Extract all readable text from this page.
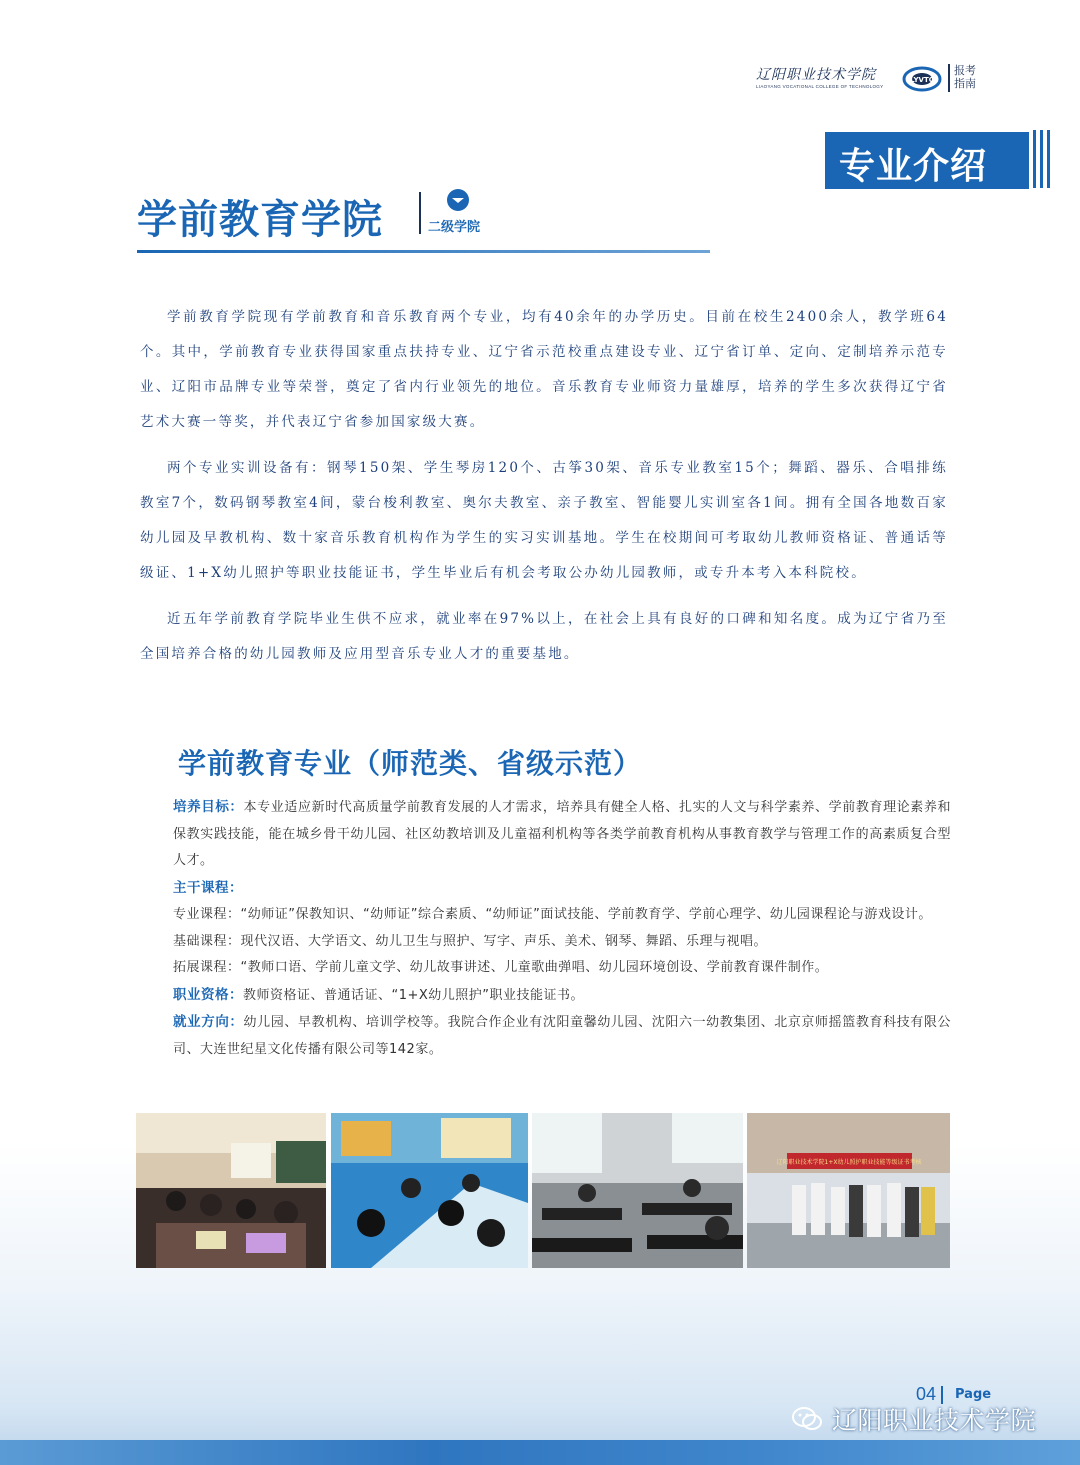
辽阳职业技术学院
LIAOYANG VOCATIONAL COLLEGE OF TECHNOLOGY
LYVTC
报考指南
专业介绍
学前教育学院	二级学院

学前教育学院现有学前教育和音乐教育两个专业，均有40余年的办学历史。目前在校生2400余人，教学班64个。其中，学前教育专业获得国家重点扶持专业、辽宁省示范校重点建设专业、辽宁省订单、定向、定制培养示范专业、辽阳市品牌专业等荣誉，奠定了省内行业领先的地位。音乐教育专业师资力量雄厚，培养的学生多次获得辽宁省艺术大赛一等奖，并代表辽宁省参加国家级大赛。

两个专业实训设备有：钢琴150架、学生琴房120个、古筝30架、音乐专业教室15个；舞蹈、器乐、合唱排练教室7个，数码钢琴教室4间，蒙台梭利教室、奥尔夫教室、亲子教室、智能婴儿实训室各1间。拥有全国各地数百家幼儿园及早教机构、数十家音乐教育机构作为学生的实习实训基地。学生在校期间可考取幼儿教师资格证、普通话等级证、1+X幼儿照护等职业技能证书，学生毕业后有机会考取公办幼儿园教师，或专升本考入本科院校。

近五年学前教育学院毕业生供不应求，就业率在97%以上，在社会上具有良好的口碑和知名度。成为辽宁省乃至全国培养合格的幼儿园教师及应用型音乐专业人才的重要基地。

学前教育专业（师范类、省级示范）

培养目标：本专业适应新时代高质量学前教育发展的人才需求，培养具有健全人格、扎实的人文与科学素养、学前教育理论素养和保教实践技能，能在城乡骨干幼儿园、社区幼教培训及儿童福利机构等各类学前教育机构从事教育教学与管理工作的高素质复合型人才。

主干课程：

专业课程：“幼师证”保教知识、“幼师证”综合素质、“幼师证”面试技能、学前教育学、学前心理学、幼儿园课程论与游戏设计。

基础课程：现代汉语、大学语文、幼儿卫生与照护、写字、声乐、美术、钢琴、舞蹈、乐理与视唱。

拓展课程：“教师口语、学前儿童文学、幼儿故事讲述、儿童歌曲弹唱、幼儿园环境创设、学前教育课件制作。

职业资格：教师资格证、普通话证、“1+X幼儿照护”职业技能证书。

就业方向：幼儿园、早教机构、培训学校等。我院合作企业有沈阳童馨幼儿园、沈阳六一幼教集团、北京京师摇篮教育科技有限公司、大连世纪星文化传播有限公司等142家。

辽阳职业技术学院1+X幼儿照护职业技能等级证书考核
04 Page
辽阳职业技术学院
